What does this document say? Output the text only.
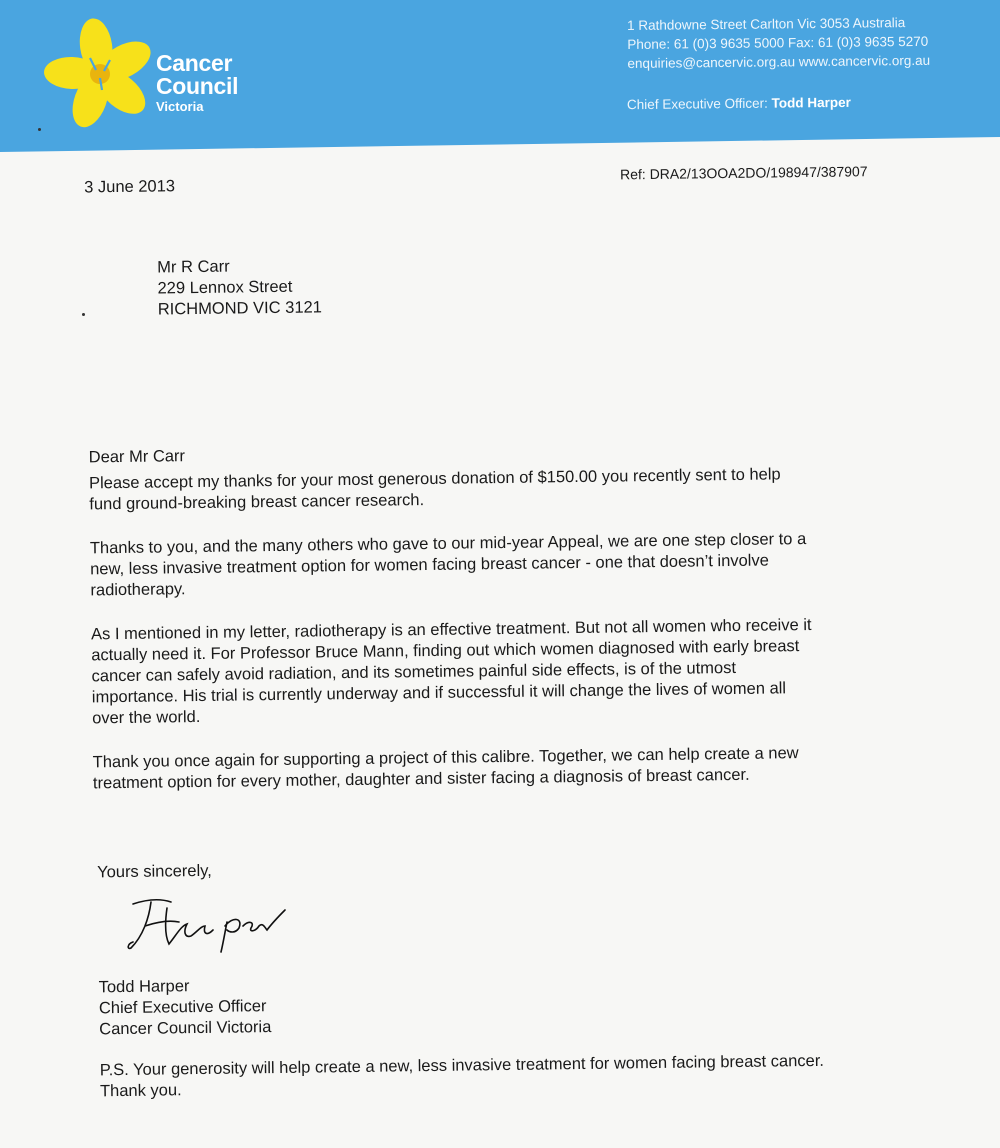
Cancer
Council
Victoria
1 Rathdowne Street Carlton Vic 3053 Australia
Phone: 61 (0)3 9635 5000 Fax: 61 (0)3 9635 5270
enquiries@cancervic.org.au www.cancervic.org.au
Chief Executive Officer: Todd Harper
3 June 2013
Ref: DRA2/13OOA2DO/198947/387907
Mr R Carr
229 Lennox Street
RICHMOND VIC 3121
Dear Mr Carr
Please accept my thanks for your most generous donation of $150.00 you recently sent to help
fund ground-breaking breast cancer research.
Thanks to you, and the many others who gave to our mid-year Appeal, we are one step closer to a
new, less invasive treatment option for women facing breast cancer - one that doesn’t involve
radiotherapy.
As I mentioned in my letter, radiotherapy is an effective treatment. But not all women who receive it
actually need it. For Professor Bruce Mann, finding out which women diagnosed with early breast
cancer can safely avoid radiation, and its sometimes painful side effects, is of the utmost
importance. His trial is currently underway and if successful it will change the lives of women all
over the world.
Thank you once again for supporting a project of this calibre. Together, we can help create a new
treatment option for every mother, daughter and sister facing a diagnosis of breast cancer.
Yours sincerely,
Todd Harper
Chief Executive Officer
Cancer Council Victoria
P.S. Your generosity will help create a new, less invasive treatment for women facing breast cancer.
Thank you.
